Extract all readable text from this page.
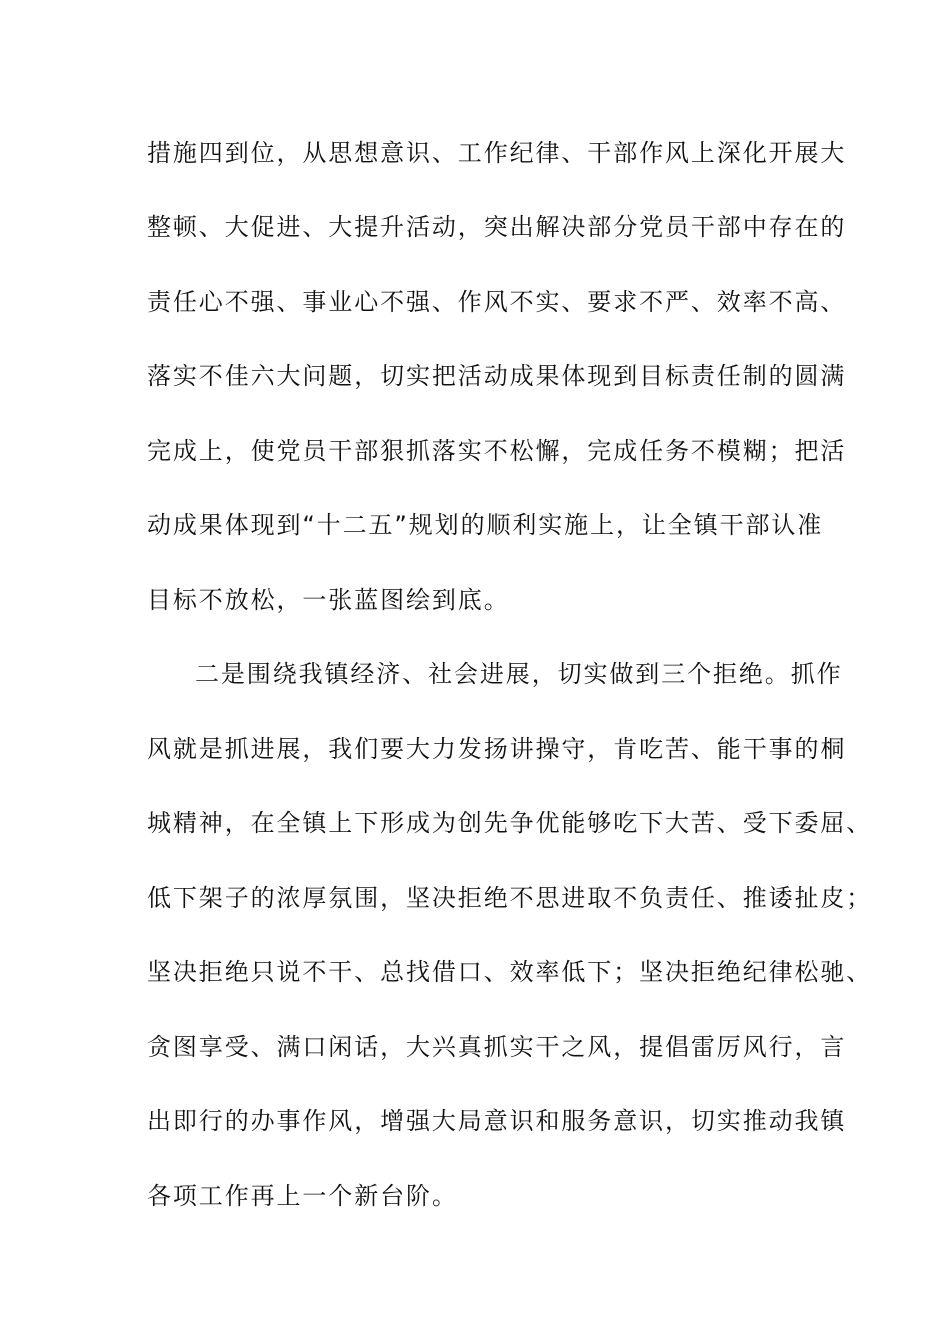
措施四到位，从思想意识、工作纪律、干部作风上深化开展大
整顿、大促进、大提升活动，突出解决部分党员干部中存在的
责任心不强、事业心不强、作风不实、要求不严、效率不高、
落实不佳六大问题，切实把活动成果体现到目标责任制的圆满
完成上，使党员干部狠抓落实不松懈，完成任务不模糊；把活
动成果体现到“十二五”规划的顺利实施上，让全镇干部认准
目标不放松，一张蓝图绘到底。
二是围绕我镇经济、社会进展，切实做到三个拒绝。抓作
风就是抓进展，我们要大力发扬讲操守，肯吃苦、能干事的桐
城精神，在全镇上下形成为创先争优能够吃下大苦、受下委屈、
低下架子的浓厚氛围，坚决拒绝不思进取不负责任、推诿扯皮；
坚决拒绝只说不干、总找借口、效率低下；坚决拒绝纪律松驰、
贪图享受、满口闲话，大兴真抓实干之风，提倡雷厉风行，言
出即行的办事作风，增强大局意识和服务意识，切实推动我镇
各项工作再上一个新台阶。
